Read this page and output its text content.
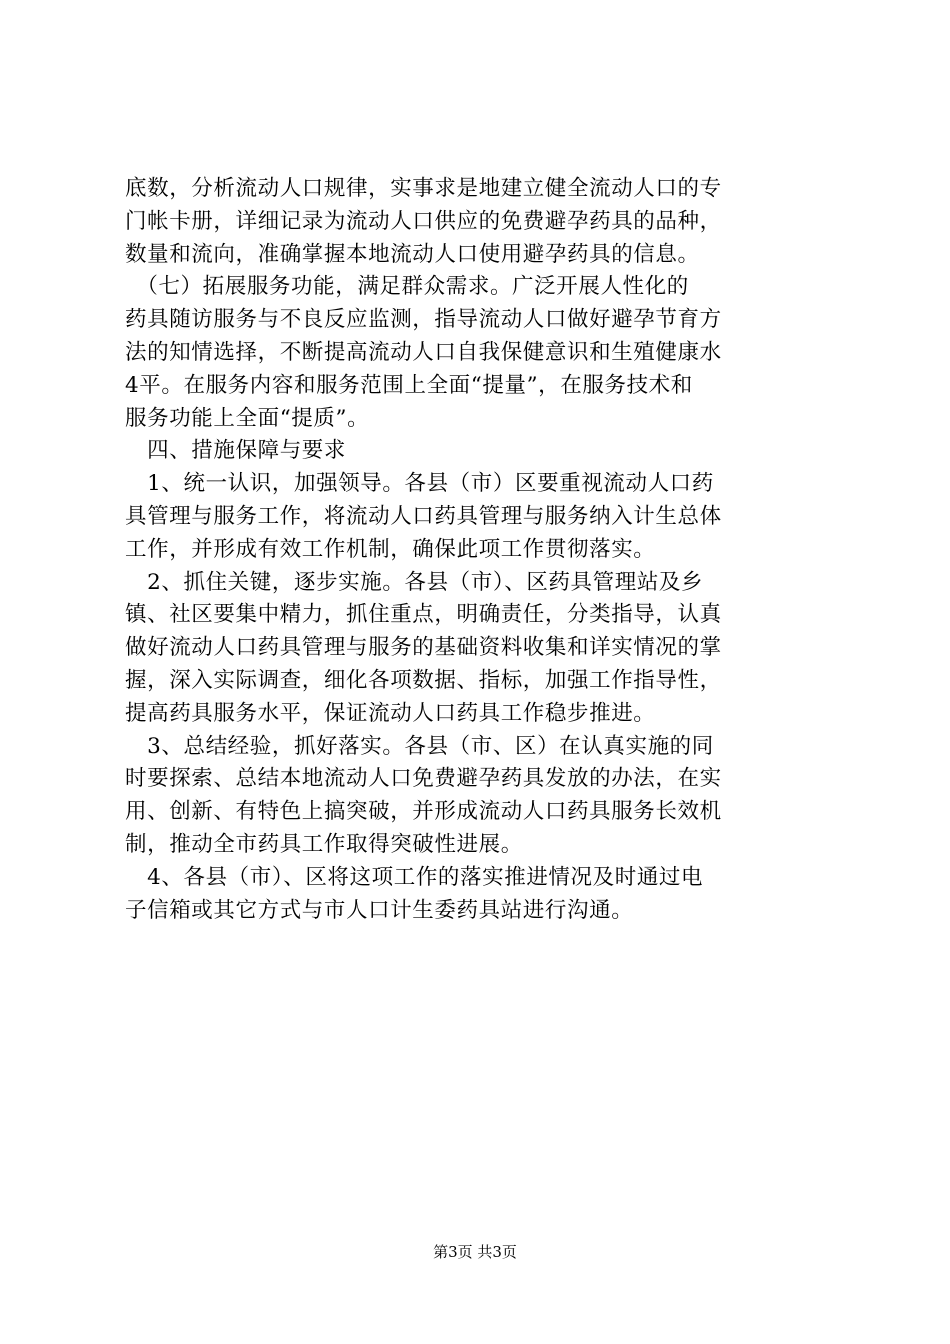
底数，分析流动人口规律，实事求是地建立健全流动人口的专
门帐卡册，详细记录为流动人口供应的免费避孕药具的品种，
数量和流向，准确掌握本地流动人口使用避孕药具的信息。
　（七）拓展服务功能，满足群众需求。广泛开展人性化的
药具随访服务与不良反应监测，指导流动人口做好避孕节育方
法的知情选择，不断提高流动人口自我保健意识和生殖健康水
4平。在服务内容和服务范围上全面“提量”，在服务技术和
服务功能上全面“提质”。
　四、措施保障与要求
　1、统一认识，加强领导。各县（市）区要重视流动人口药
具管理与服务工作，将流动人口药具管理与服务纳入计生总体
工作，并形成有效工作机制，确保此项工作贯彻落实。
　2、抓住关键，逐步实施。各县（市）、区药具管理站及乡
镇、社区要集中精力，抓住重点，明确责任，分类指导，认真
做好流动人口药具管理与服务的基础资料收集和详实情况的掌
握，深入实际调查，细化各项数据、指标，加强工作指导性，
提高药具服务水平，保证流动人口药具工作稳步推进。
　3、总结经验，抓好落实。各县（市、区）在认真实施的同
时要探索、总结本地流动人口免费避孕药具发放的办法，在实
用、创新、有特色上搞突破，并形成流动人口药具服务长效机
制，推动全市药具工作取得突破性进展。
　4、各县（市）、区将这项工作的落实推进情况及时通过电
子信箱或其它方式与市人口计生委药具站进行沟通。
第3页 共3页
